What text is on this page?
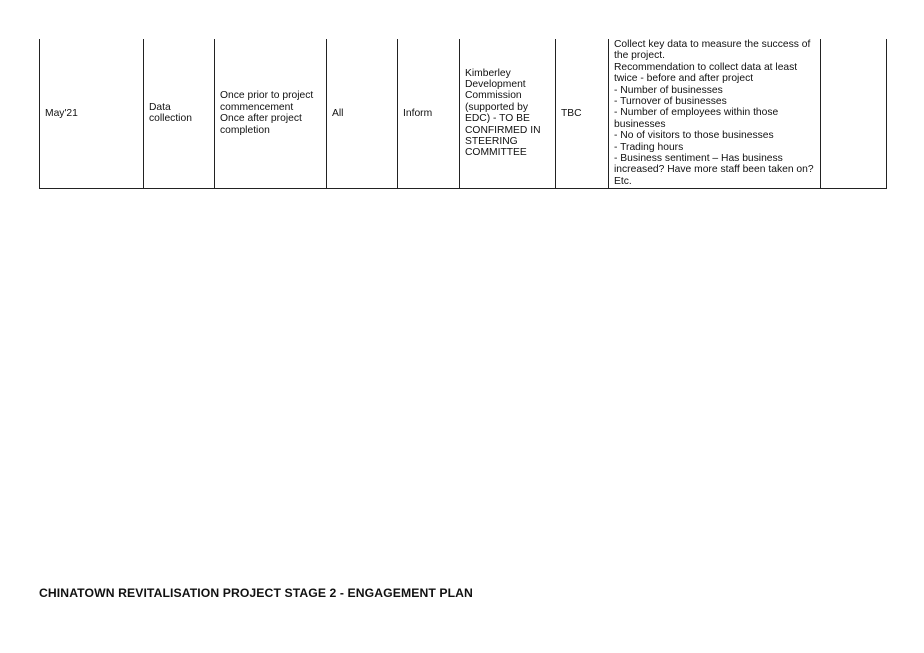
May'21	Data
collection	Once prior to project
commencement
Once after project
completion	All	Inform	Kimberley
Development
Commission
(supported by
EDC) - TO BE
CONFIRMED IN
STEERING
COMMITTEE	TBC	Collect key data to measure the success of
the project.
Recommendation to collect data at least
twice - before and after project
- Number of businesses
- Turnover of businesses
- Number of employees within those
businesses
- No of visitors to those businesses
- Trading hours
- Business sentiment – Has business
increased? Have more staff been taken on?
Etc.	
CHINATOWN REVITALISATION PROJECT STAGE 2 - ENGAGEMENT PLAN
